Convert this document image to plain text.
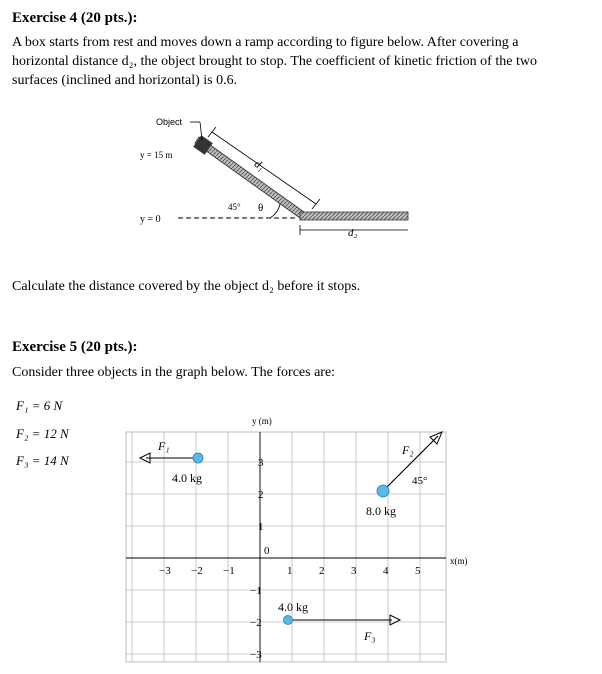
Exercise 4 (20 pts.):
A box starts from rest and moves down a ramp according to figure below. After covering a
horizontal distance d₂, the object brought to stop. The coefficient of kinetic friction of the two
surfaces (inclined and horizontal) is 0.6.
Object
y = 15 m
y = 0
d₁
45° θ
d₂
Calculate the distance covered by the object d₂ before it stops.
Exercise 5 (20 pts.):
Consider three objects in the graph below. The forces are:
F₁ = 6 N
F₂ = 12 N
F₃ = 14 N
y (m)
x(m)
−3 −2 −1
0
1 2 3 4 5
3
2
1
−1
−2
−3
F₁
4.0 kg
F₂
45°
8.0 kg
4.0 kg
F₃
